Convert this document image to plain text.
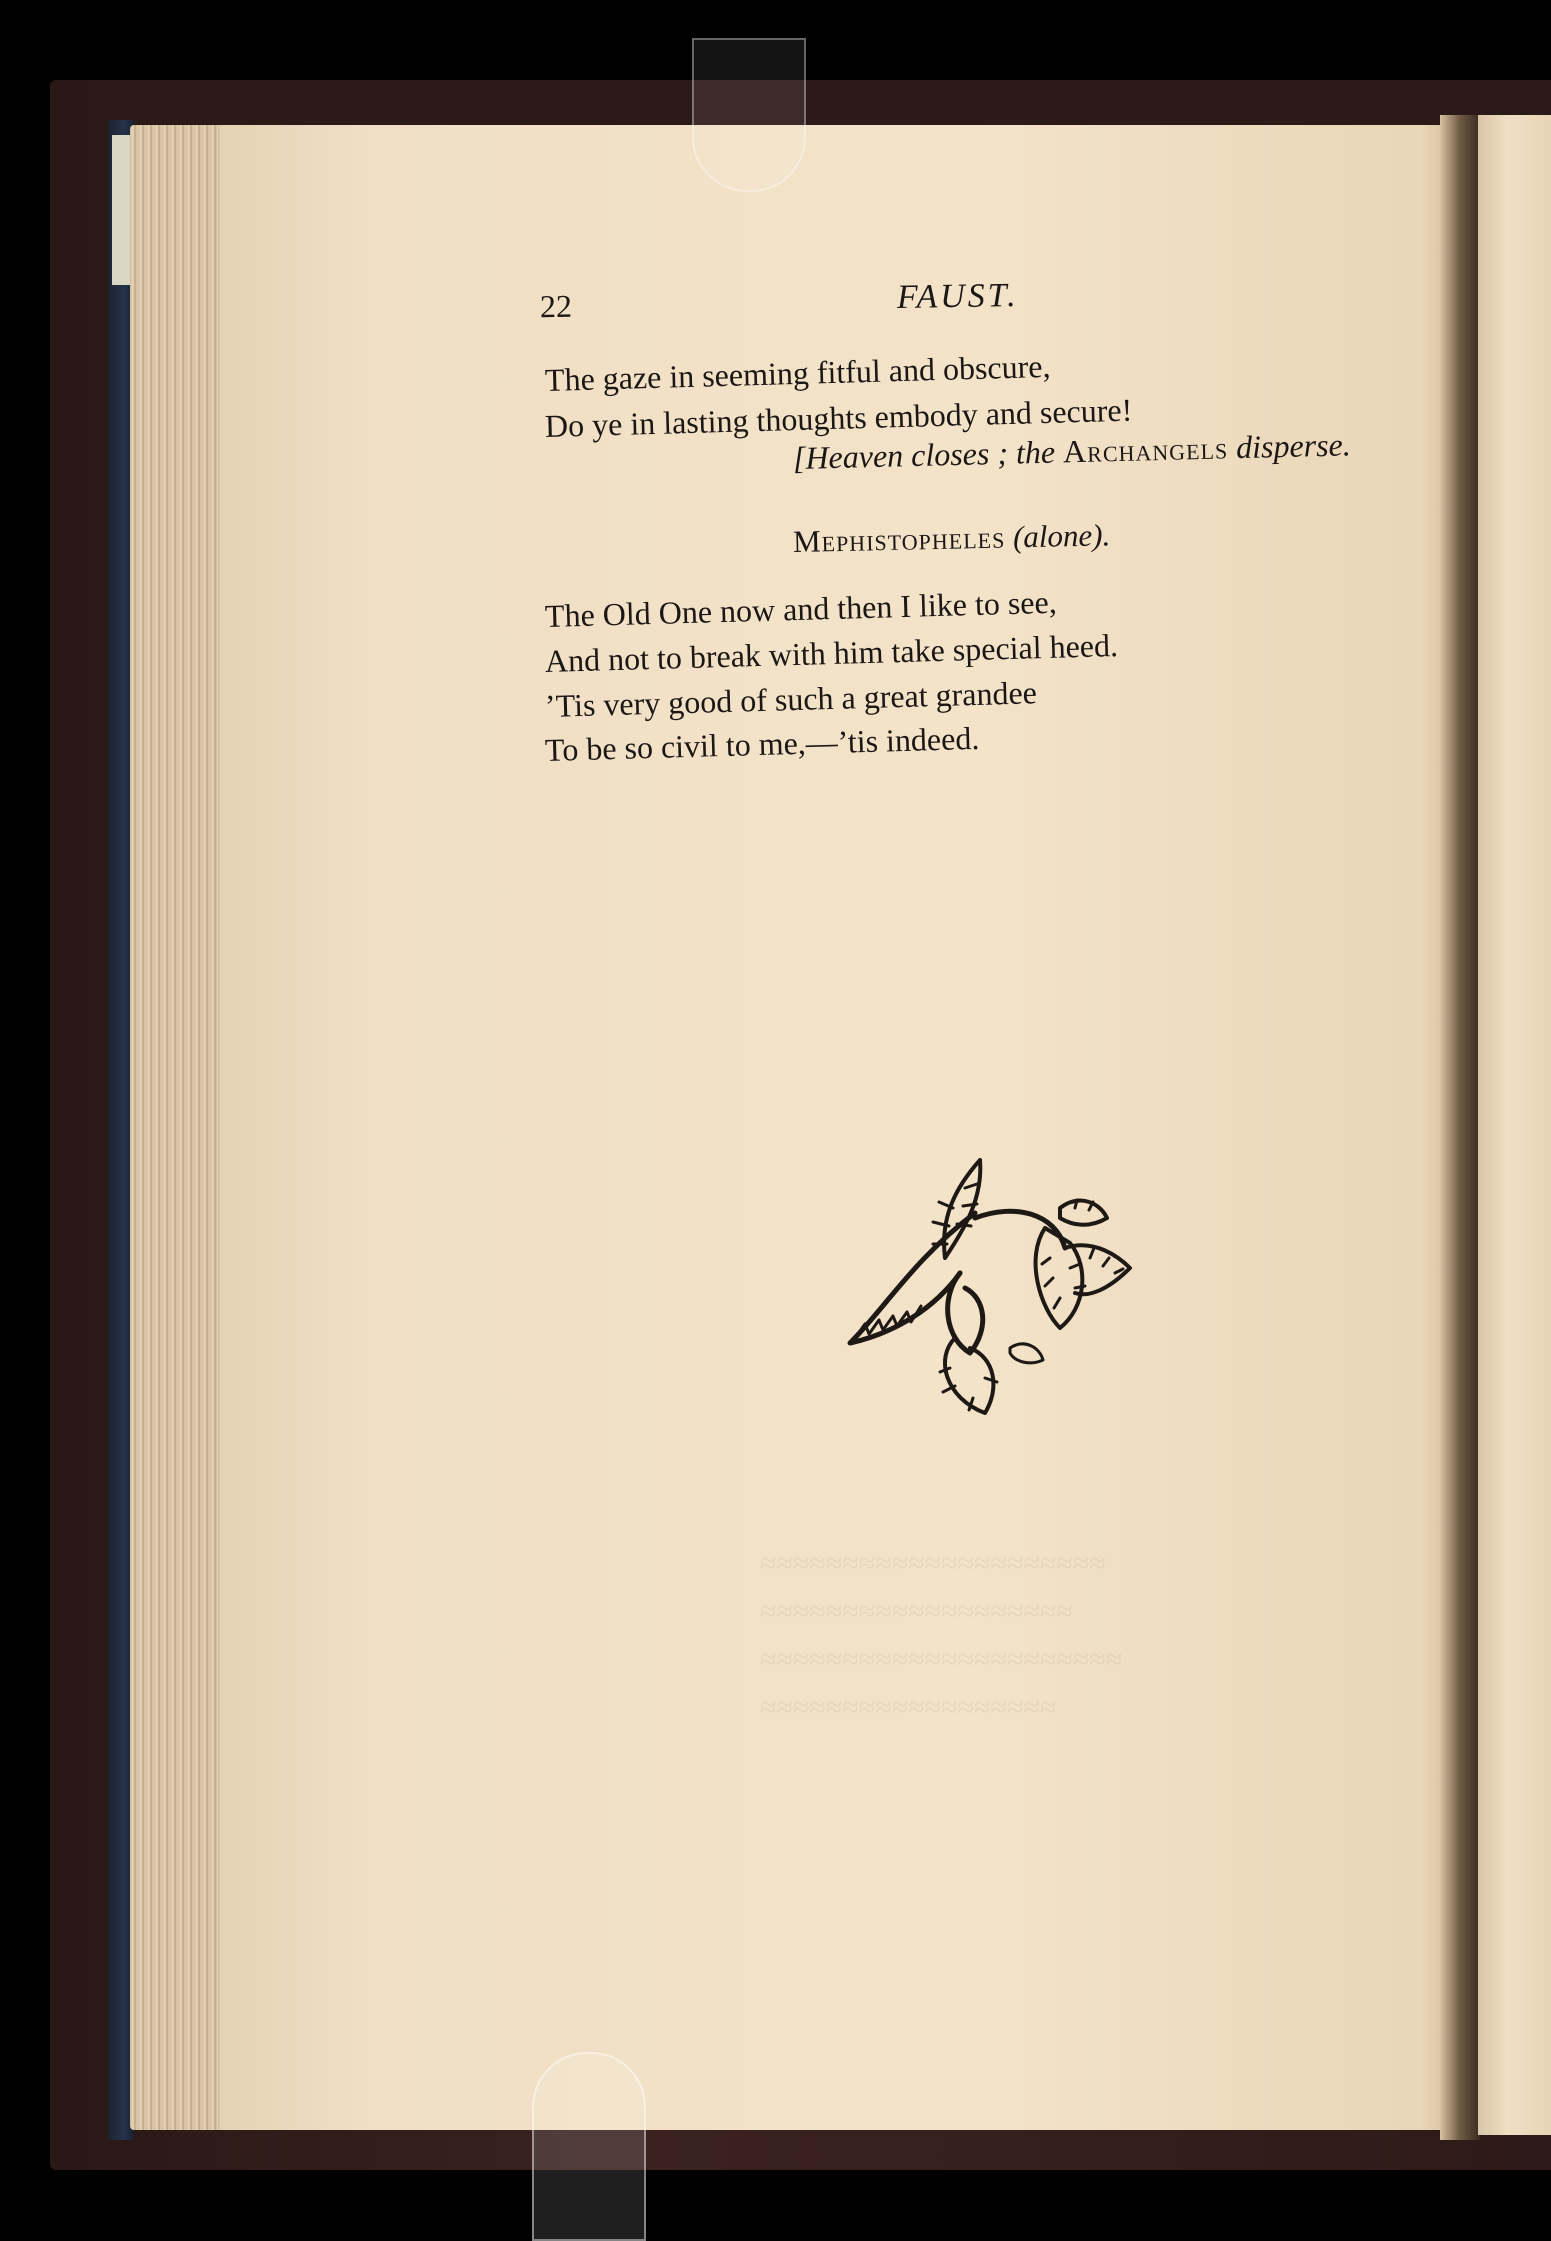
≈≈≈≈≈≈≈≈≈≈≈≈≈≈≈≈≈≈≈≈≈
≈≈≈≈≈≈≈≈≈≈≈≈≈≈≈≈≈≈≈
≈≈≈≈≈≈≈≈≈≈≈≈≈≈≈≈≈≈≈≈≈≈
≈≈≈≈≈≈≈≈≈≈≈≈≈≈≈≈≈≈
22	FAUST.
The gaze in seeming fitful and obscure,
Do ye in lasting thoughts embody and secure!
[Heaven closes ; the Archangels disperse.
Mephistopheles (alone).
The Old One now and then I like to see,
And not to break with him take special heed.
’Tis very good of such a great grandee
To be so civil to me,—’tis indeed.
